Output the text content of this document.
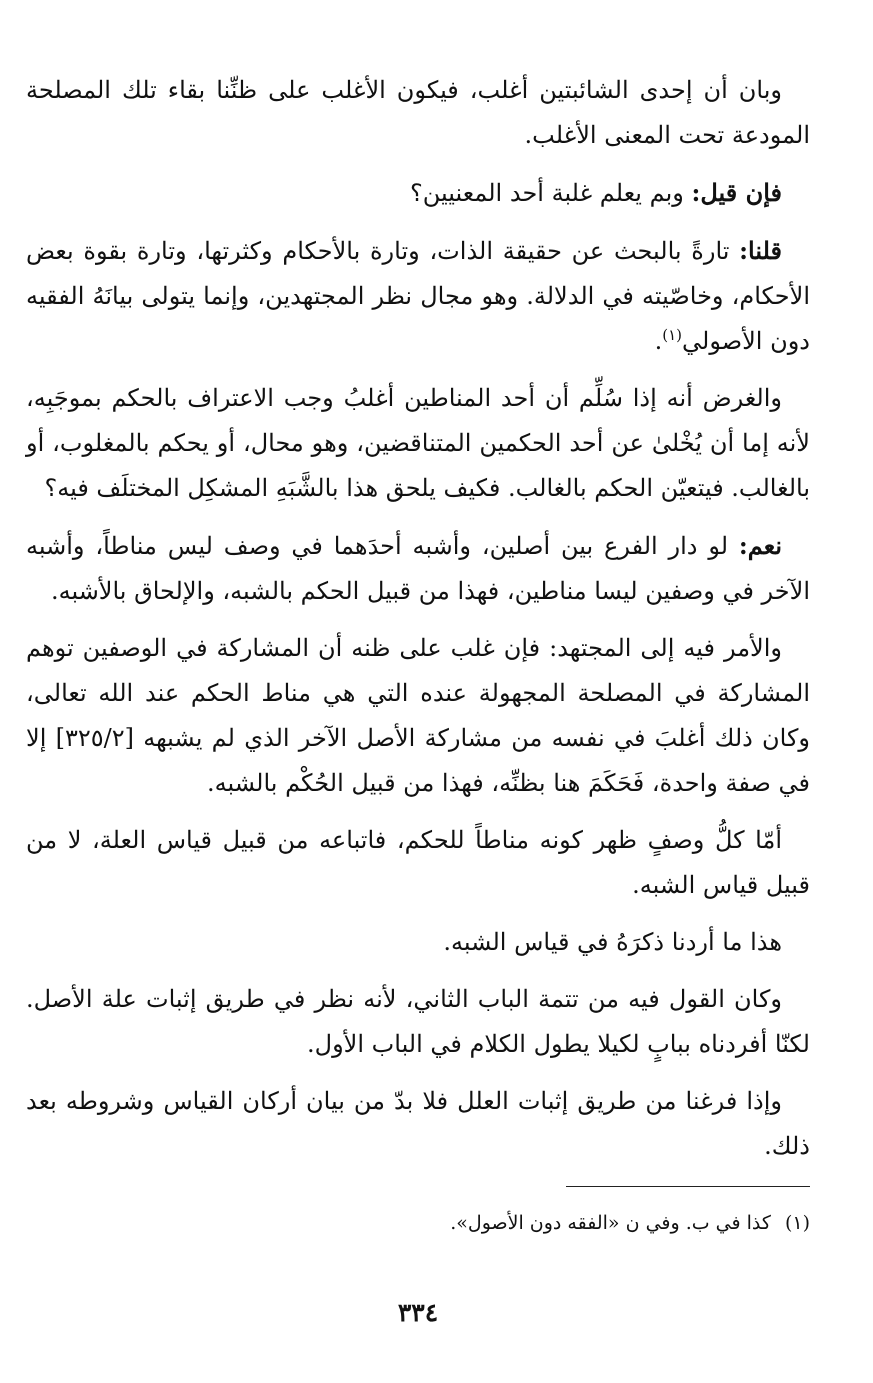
وبان أن إحدى الشائبتين أغلب، فيكون الأغلب على ظنِّنا بقاء تلك المصلحة المودعة تحت المعنى الأغلب.

فإن قيل: وبم يعلم غلبة أحد المعنيين؟

قلنا: تارةً بالبحث عن حقيقة الذات، وتارة بالأحكام وكثرتها، وتارة بقوة بعض الأحكام، وخاصّيته في الدلالة. وهو مجال نظر المجتهدين، وإنما يتولى بيانَهُ الفقيه دون الأصولي$^{(١)}$.

والغرض أنه إذا سُلِّم أن أحد المناطين أغلبُ وجب الاعتراف بالحكم بموجَبِه، لأنه إما أن يُخْلىٰ عن أحد الحكمين المتناقضين، وهو محال، أو يحكم بالمغلوب، أو بالغالب. فيتعيّن الحكم بالغالب. فكيف يلحق هذا بالشَّبَهِ المشكِل المختلَف فيه؟

نعم: لو دار الفرع بين أصلين، وأشبه أحدَهما في وصف ليس مناطاً، وأشبه الآخر في وصفين ليسا مناطين، فهذا من قبيل الحكم بالشبه، والإلحاق بالأشبه.

والأمر فيه إلى المجتهد: فإن غلب على ظنه أن المشاركة في الوصفين توهم المشاركة في المصلحة المجهولة عنده التي هي مناط الحكم عند الله تعالى، وكان ذلك أغلبَ في نفسه من مشاركة الأصل الآخر الذي لم يشبهه [٣٢٥/٢] إلا في صفة واحدة، فَحَكَمَ هنا بظنِّه، فهذا من قبيل الحُكْم بالشبه.

أمّا كلُّ وصفٍ ظهر كونه مناطاً للحكم، فاتباعه من قبيل قياس العلة، لا من قبيل قياس الشبه.

هذا ما أردنا ذكرَهُ في قياس الشبه.

وكان القول فيه من تتمة الباب الثاني، لأنه نظر في طريق إثبات علة الأصل. لكنّا أفردناه ببابٍ لكيلا يطول الكلام في الباب الأول.

وإذا فرغنا من طريق إثبات العلل فلا بدّ من بيان أركان القياس وشروطه بعد ذلك.

(١)كذا في ب. وفي ن «الفقه دون الأصول».
٣٣٤
